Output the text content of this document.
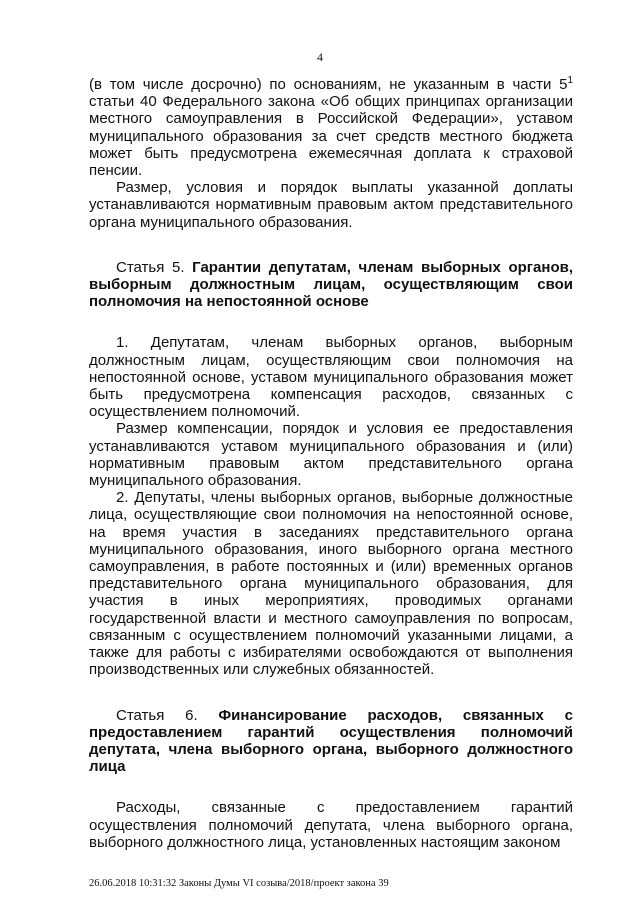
4

(в том числе досрочно) по основаниям, не указанным в части $5^1$ статьи 40 Федерального закона «Об общих принципах организации местного самоуправления в Российской Федерации», уставом муниципального образования за счет средств местного бюджета может быть предусмотрена ежемесячная доплата к страховой пенсии.

Размер, условия и порядок выплаты указанной доплаты устанавливаются нормативным правовым актом представительного органа муниципального образования.

Статья 5. Гарантии депутатам, членам выборных органов, выборным должностным лицам, осуществляющим свои полномочия на непостоянной основе

1. Депутатам, членам выборных органов, выборным должностным лицам, осуществляющим свои полномочия на непостоянной основе, уставом муниципального образования может быть предусмотрена компенсация расходов, связанных с осуществлением полномочий.

Размер компенсации, порядок и условия ее предоставления устанавливаются уставом муниципального образования и (или) нормативным правовым актом представительного органа муниципального образования.

2. Депутаты, члены выборных органов, выборные должностные лица, осуществляющие свои полномочия на непостоянной основе, на время участия в заседаниях представительного органа муниципального образования, иного выборного органа местного самоуправления, в работе постоянных и (или) временных органов представительного органа муниципального образования, для участия в иных мероприятиях, проводимых органами государственной власти и местного самоуправления по вопросам, связанным с осуществлением полномочий указанными лицами, а также для работы с избирателями освобождаются от выполнения производственных или служебных обязанностей.

Статья 6. Финансирование расходов, связанных с предоставлением гарантий осуществления полномочий депутата, члена выборного органа, выборного должностного лица

Расходы, связанные с предоставлением гарантий осуществления полномочий депутата, члена выборного органа, выборного должностного лица, установленных настоящим законом

26.06.2018 10:31:32 Законы Думы VI созыва/2018/проект закона 39
